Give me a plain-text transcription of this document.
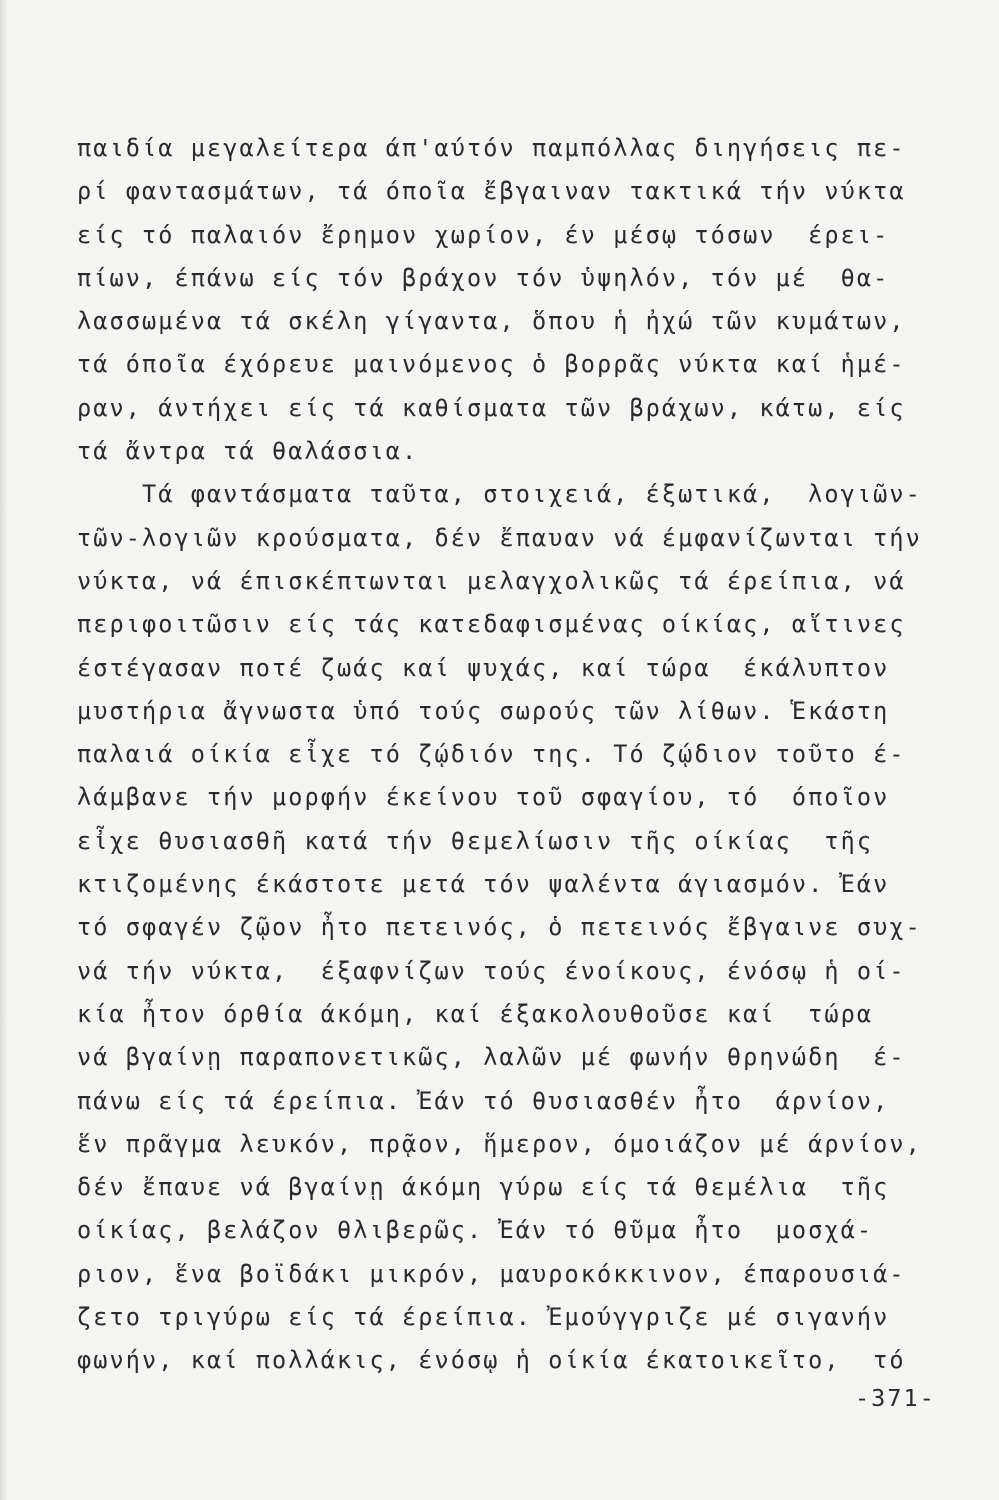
παιδία μεγαλείτερα άπ'αύτόν παμπόλλας διηγήσεις πε-
ρί φαντασμάτων, τά όποῖα ἔβγαιναν τακτικά τήν νύκτα
είς τό παλαιόν ἔρημον χωρίον, έν μέσῳ τόσων  έρει-
πίων, έπάνω είς τόν βράχον τόν ὑψηλόν, τόν μέ  θα-
λασσωμένα τά σκέλη γίγαντα, ὅπου ἡ ἠχώ τῶν κυμάτων,
τά όποῖα έχόρευε μαινόμενος ὁ βορρᾶς νύκτα καί ἡμέ-
ραν, άντήχει είς τά καθίσματα τῶν βράχων, κάτω, είς
τά ἄντρα τά θαλάσσια.
Τά φαντάσματα ταῦτα, στοιχειά, έξωτικά,  λογιῶν-
τῶν-λογιῶν κρούσματα, δέν ἔπαυαν νά έμφανίζωνται τήν
νύκτα, νά έπισκέπτωνται μελαγχολικῶς τά έρείπια, νά
περιφοιτῶσιν είς τάς κατεδαφισμένας οίκίας, αἵτινες
έστέγασαν ποτέ ζωάς καί ψυχάς, καί τώρα  έκάλυπτον
μυστήρια ἄγνωστα ὑπό τούς σωρούς τῶν λίθων. Ἑκάστη
παλαιά οίκία εἶχε τό ζῴδιόν της. Τό ζῴδιον τοῦτο έ-
λάμβανε τήν μορφήν έκείνου τοῦ σφαγίου, τό  όποῖον
εἶχε θυσιασθῆ κατά τήν θεμελίωσιν τῆς οίκίας  τῆς
κτιζομένης έκάστοτε μετά τόν ψαλέντα άγιασμόν. Ἐάν
τό σφαγέν ζῷον ἦτο πετεινός, ὁ πετεινός ἔβγαινε συχ-
νά τήν νύκτα,  έξαφνίζων τούς ένοίκους, ένόσῳ ἡ οί-
κία ἦτον όρθία άκόμη, καί έξακολουθοῦσε καί  τώρα
νά βγαίνῃ παραπονετικῶς, λαλῶν μέ φωνήν θρηνώδη  έ-
πάνω είς τά έρείπια. Ἐάν τό θυσιασθέν ἦτο  άρνίον,
ἕν πρᾶγμα λευκόν, πρᾷον, ἥμερον, όμοιάζον μέ άρνίον,
δέν ἔπαυε νά βγαίνῃ άκόμη γύρω είς τά θεμέλια  τῆς
οίκίας, βελάζον θλιβερῶς. Ἐάν τό θῦμα ἦτο  μοσχά-
ριον, ἕνα βοϊδάκι μικρόν, μαυροκόκκινον, έπαρουσιά-
ζετο τριγύρω είς τά έρείπια. Ἐμούγγριζε μέ σιγανήν
φωνήν, καί πολλάκις, ένόσῳ ἡ οίκία έκατοικεῖτο,  τό
-371-
